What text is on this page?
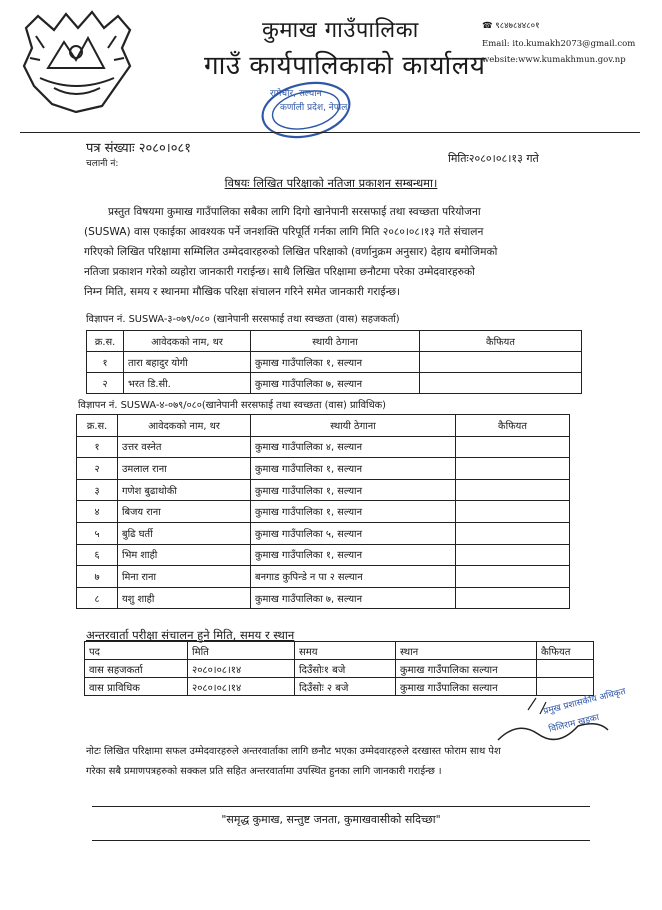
कुमाख गाउँपालिका
गाउँ कार्यपालिकाको कार्यालय
☎ ९८४७८४४८०१
Email: ito.kumakh2073@gmail.com
website:www.kumakhmun.gov.np
रामेचौर, सल्यान
कर्णाली प्रदेश, नेपाल
पत्र संख्याः २०८०।०८१
चलानी नं:	मितिः२०८०।०८।१३ गते
विषयः लिखित परिक्षाको नतिजा प्रकाशन सम्बन्धमा।
प्रस्तुत विषयमा कुमाख गाउँपालिका सबैका लागि दिगो खानेपानी सरसफाई तथा स्वच्छता परियोजना
(SUSWA) वास एकाईका आवश्यक पर्ने जनशक्ति परिपूर्ति गर्नका लागि मिति २०८०।०८।१३ गते संचालन
गरिएको लिखित परिक्षामा सम्मिलित उम्मेदवारहरुको लिखित परिक्षाको (वर्णानुक्रम अनुसार) देहाय बमोजिमको
नतिजा प्रकाशन गरेको व्यहोरा जानकारी गराईन्छ। साथै लिखित परिक्षामा छनौटमा परेका उम्मेदवारहरुको
निम्न मिति, समय र स्थानमा मौखिक परिक्षा संचालन गरिने समेत जानकारी गराईन्छ।
विज्ञापन नं. SUSWA-३-०७९/०८० (खानेपानी सरसफाई तथा स्वच्छता (वास) सहजकर्ता)
क्र.स.	आवेदकको नाम, थर	स्थायी ठेगाना	कैफियत
१	तारा बहादुर योगी	कुमाख गाउँपालिका १, सल्यान	
२	भरत डि.सी.	कुमाख गाउँपालिका ७, सल्यान	
विज्ञापन नं. SUSWA-४-०७९/०८०(खानेपानी सरसफाई तथा स्वच्छता (वास) प्राविधिक)
क्र.स.	आवेदकको नाम, थर	स्थायी ठेगाना	कैफियत
१	उत्तर वस्नेत	कुमाख गाउँपालिका ४, सल्यान	
२	उमलाल राना	कुमाख गाउँपालिका १, सल्यान	
३	गणेश बुढाथोकी	कुमाख गाउँपालिका १, सल्यान	
४	बिजय राना	कुमाख गाउँपालिका १, सल्यान	
५	बुढि घर्ती	कुमाख गाउँपालिका ५, सल्यान	
६	भिम शाही	कुमाख गाउँपालिका १, सल्यान	
७	मिना राना	बनगाड कुपिन्डे न पा २ सल्यान	
८	यशु शाही	कुमाख गाउँपालिका ७, सल्यान	
अन्तरवार्ता परीक्षा संचालन हुने मिति, समय र स्थान
पद	मिति	समय	स्थान	कैफियत
वास सहजकर्ता	२०८०।०८।१४	दिउँसोः१ बजे	कुमाख गाउँपालिका सल्यान	
वास प्राविधिक	२०८०।०८।१४	दिउँसोः २ बजे	कुमाख गाउँपालिका सल्यान		प्रमुख प्रशासकीय अधिकृत
विलिराम खड्का
नोटः लिखित परिक्षामा सफल उम्मेदवारहरुले अन्तरवार्ताका लागि छनौट भएका उम्मेदवारहरुले दरखास्त फोराम साथ पेश
गरेका सबै प्रमाणपत्रहरुको सक्कल प्रति सहित अन्तरवार्तामा उपस्थित हुनका लागि जानकारी गराईन्छ ।
"समृद्ध कुमाख, सन्तुष्ट जनता, कुमाखवासीको सदिच्छा"
